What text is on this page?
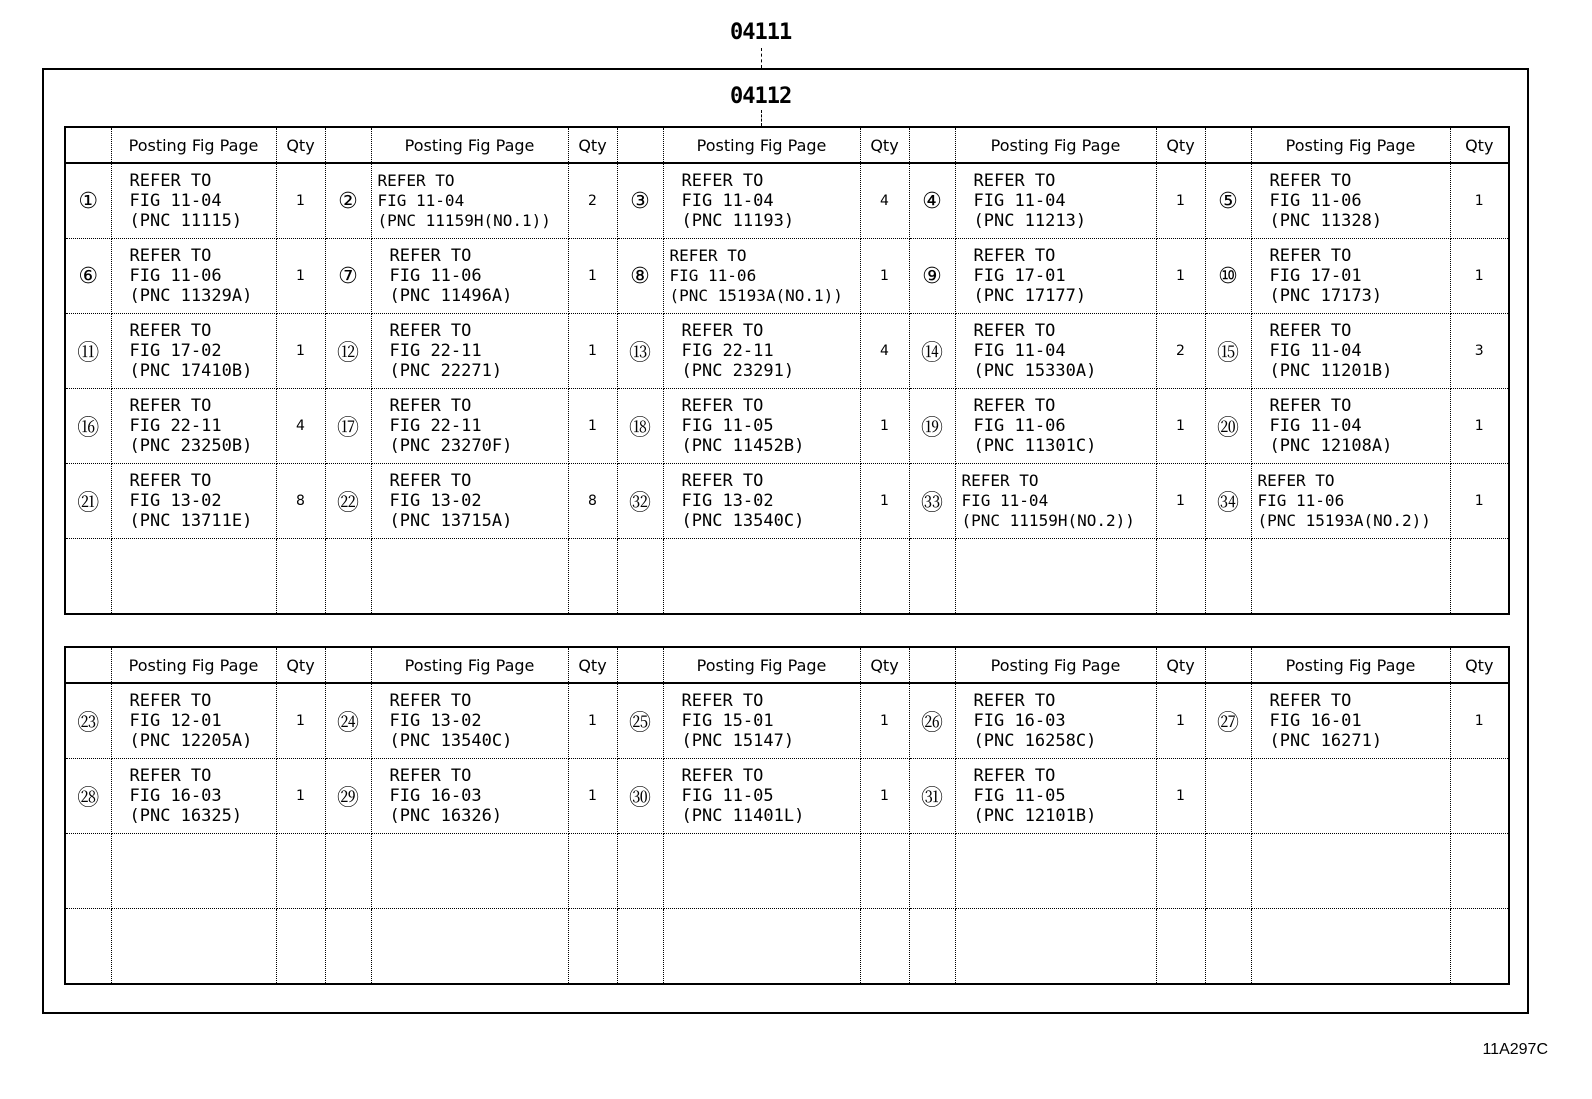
04111
04112
	Posting Fig Page	Qty		Posting Fig Page	Qty		Posting Fig Page	Qty		Posting Fig Page	Qty		Posting Fig Page	Qty
①	REFER TO
FIG 11-04
(PNC 11115)	1	②	REFER TO
FIG 11-04
(PNC 11159H(NO.1))	2	③	REFER TO
FIG 11-04
(PNC 11193)	4	④	REFER TO
FIG 11-04
(PNC 11213)	1	⑤	REFER TO
FIG 11-06
(PNC 11328)	1
⑥	REFER TO
FIG 11-06
(PNC 11329A)	1	⑦	REFER TO
FIG 11-06
(PNC 11496A)	1	⑧	REFER TO
FIG 11-06
(PNC 15193A(NO.1))	1	⑨	REFER TO
FIG 17-01
(PNC 17177)	1	⑩	REFER TO
FIG 17-01
(PNC 17173)	1
⑪	REFER TO
FIG 17-02
(PNC 17410B)	1	⑫	REFER TO
FIG 22-11
(PNC 22271)	1	⑬	REFER TO
FIG 22-11
(PNC 23291)	4	⑭	REFER TO
FIG 11-04
(PNC 15330A)	2	⑮	REFER TO
FIG 11-04
(PNC 11201B)	3
⑯	REFER TO
FIG 22-11
(PNC 23250B)	4	⑰	REFER TO
FIG 22-11
(PNC 23270F)	1	⑱	REFER TO
FIG 11-05
(PNC 11452B)	1	⑲	REFER TO
FIG 11-06
(PNC 11301C)	1	⑳	REFER TO
FIG 11-04
(PNC 12108A)	1
㉑	REFER TO
FIG 13-02
(PNC 13711E)	8	㉒	REFER TO
FIG 13-02
(PNC 13715A)	8	㉜	REFER TO
FIG 13-02
(PNC 13540C)	1	㉝	REFER TO
FIG 11-04
(PNC 11159H(NO.2))	1	㉞	REFER TO
FIG 11-06
(PNC 15193A(NO.2))	1

	Posting Fig Page	Qty		Posting Fig Page	Qty		Posting Fig Page	Qty		Posting Fig Page	Qty		Posting Fig Page	Qty
㉓	REFER TO
FIG 12-01
(PNC 12205A)	1	㉔	REFER TO
FIG 13-02
(PNC 13540C)	1	㉕	REFER TO
FIG 15-01
(PNC 15147)	1	㉖	REFER TO
FIG 16-03
(PNC 16258C)	1	㉗	REFER TO
FIG 16-01
(PNC 16271)	1
㉘	REFER TO
FIG 16-03
(PNC 16325)	1	㉙	REFER TO
FIG 16-03
(PNC 16326)	1	㉚	REFER TO
FIG 11-05
(PNC 11401L)	1	㉛	REFER TO
FIG 11-05
(PNC 12101B)	1			

11A297C
